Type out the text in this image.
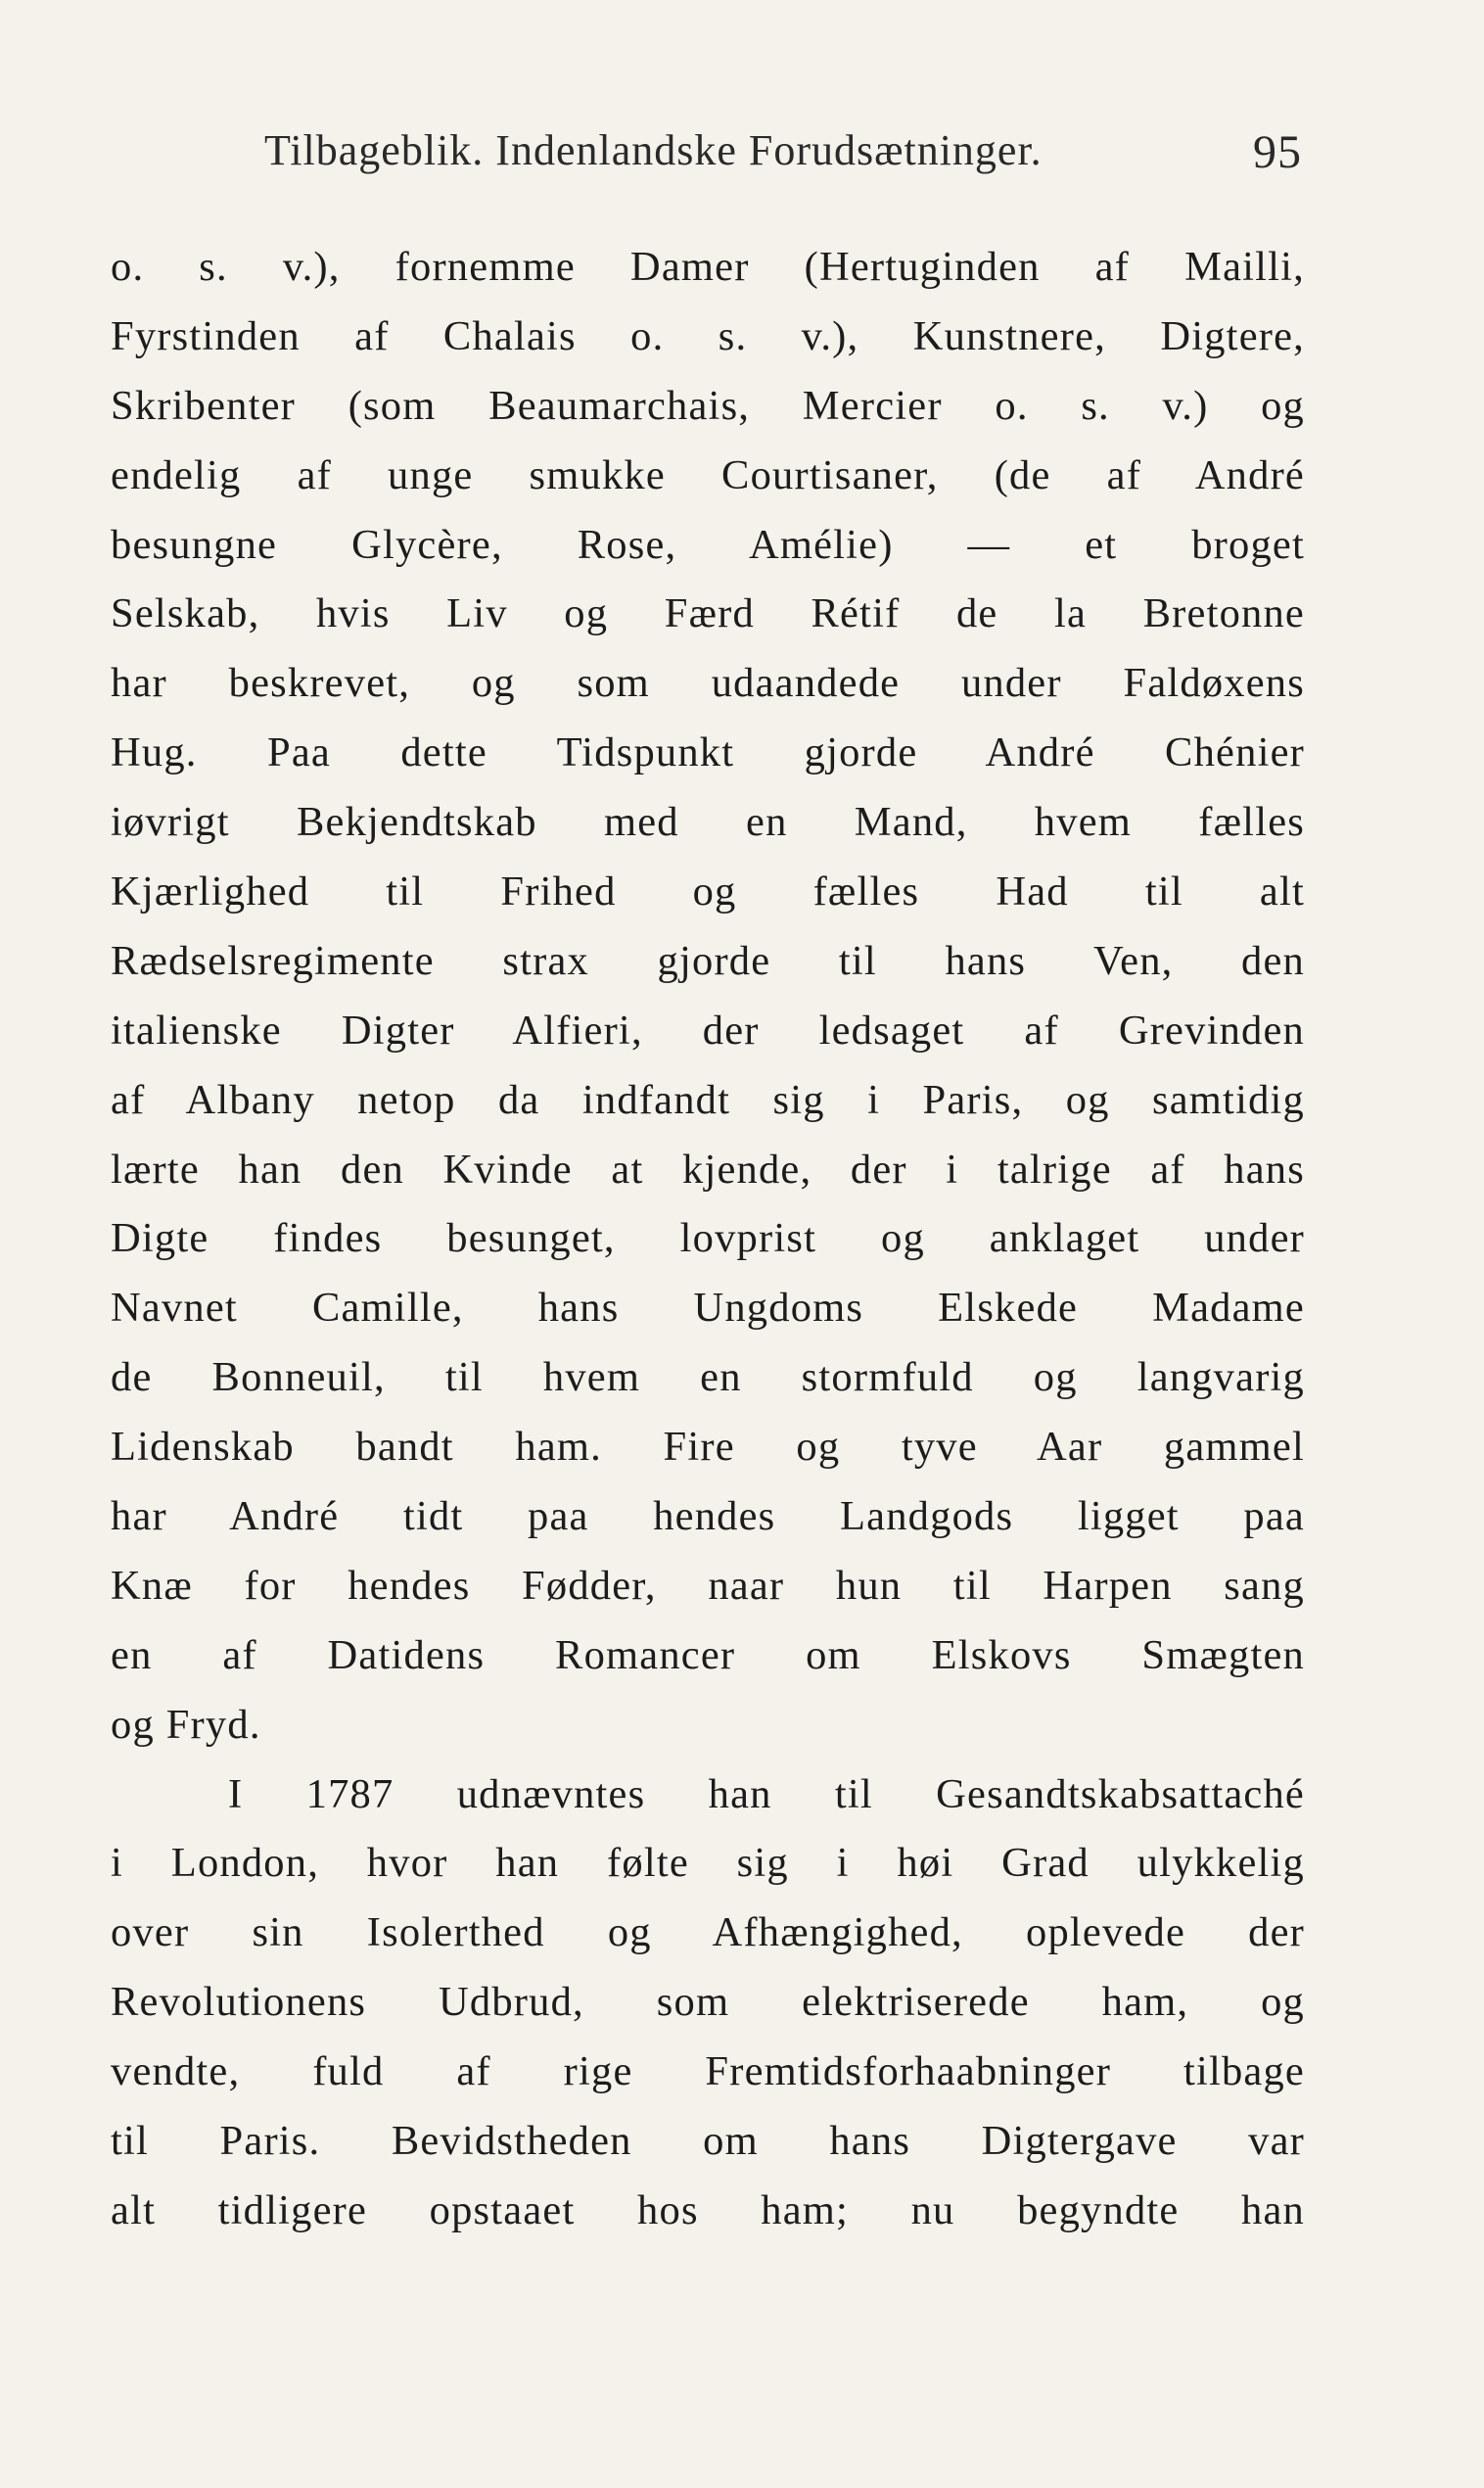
Tilbageblik. Indenlandske Forudsætninger.	95
o. s. v.), fornemme Damer (Hertuginden af Mailli,
Fyrstinden af Chalais o. s. v.), Kunstnere, Digtere,
Skribenter (som Beaumarchais, Mercier o. s. v.) og
endelig af unge smukke Courtisaner, (de af André
besungne Glycère, Rose, Amélie) — et broget
Selskab, hvis Liv og Færd Rétif de la Bretonne
har beskrevet, og som udaandede under Faldøxens
Hug. Paa dette Tidspunkt gjorde André Chénier
iøvrigt Bekjendtskab med en Mand, hvem fælles
Kjærlighed til Frihed og fælles Had til alt
Rædselsregimente strax gjorde til hans Ven, den
italienske Digter Alfieri, der ledsaget af Grevinden
af Albany netop da indfandt sig i Paris, og samtidig
lærte han den Kvinde at kjende, der i talrige af hans
Digte findes besunget, lovprist og anklaget under
Navnet Camille, hans Ungdoms Elskede Madame
de Bonneuil, til hvem en stormfuld og langvarig
Lidenskab bandt ham. Fire og tyve Aar gammel
har André tidt paa hendes Landgods ligget paa
Knæ for hendes Fødder, naar hun til Harpen sang
en af Datidens Romancer om Elskovs Smægten
og Fryd.
I 1787 udnævntes han til Gesandtskabsattaché
i London, hvor han følte sig i høi Grad ulykkelig
over sin Isolerthed og Afhængighed, oplevede der
Revolutionens Udbrud, som elektriserede ham, og
vendte, fuld af rige Fremtidsforhaabninger tilbage
til Paris. Bevidstheden om hans Digtergave var
alt tidligere opstaaet hos ham; nu begyndte han
